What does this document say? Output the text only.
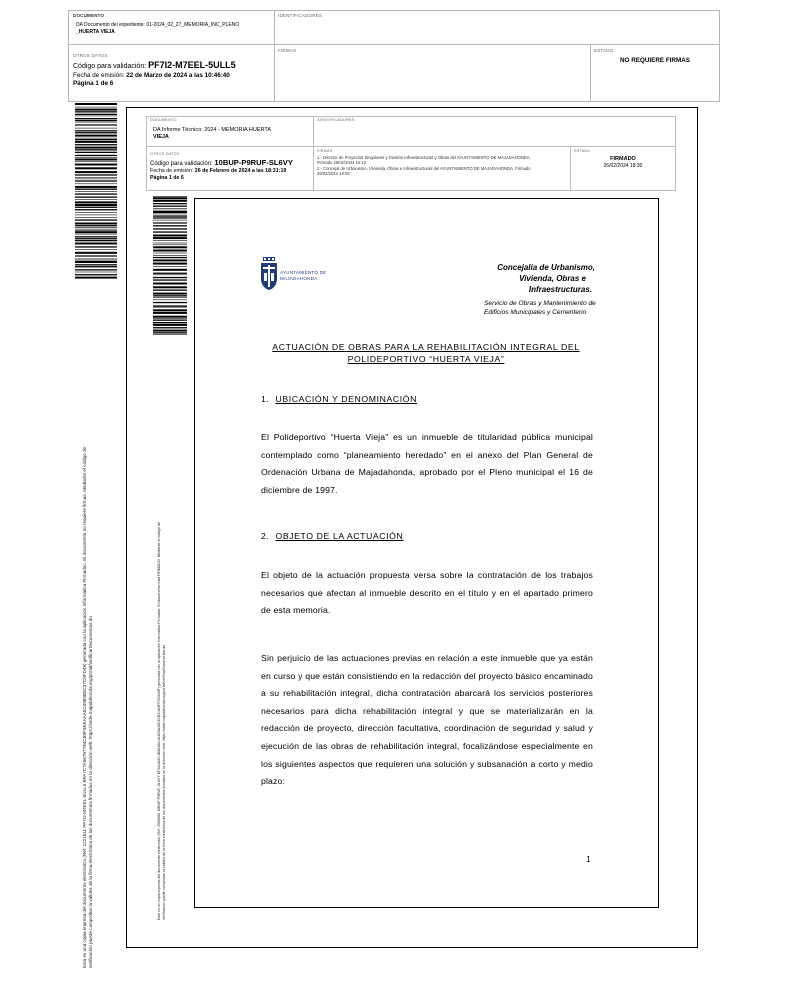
DOCUMENTO
DA Documento del expediente: 01-2024_02_27_MEMORIA_INC_PLENO
_HUERTA VIEJA
IDENTIFICADORES
OTROS DATOS
Código para validación: PF7I2-M7EEL-5ULL5
Fecha de emisión: 22 de Marzo de 2024 a las 10:46:40
Página 1 de 6
FIRMAS	ESTADO
NO REQUIERE FIRMAS
Esta es una copia impresa del documento electrónico (Ref: 2221611 PF7I2-M7EEL-5ULL5 BFA7C7A56797794CB9F3EEAAA5C0983B5C37C8FD49) generada con la aplicación informática Firmadoc. El documento no requiere firmas. Mediante el código de verificación puede comprobar la validez de la firma electrónica de los documentos firmados en la dirección web: https://sede.majadahonda.org/portal/verificarDocumentos.do
DOCUMENTO
DA Informe Técnico: 2024 - MEMORIA HUERTA
VIEJA
IDENTIFICADORES
OTROS DATOS
Código para validación: 10BUP-P9RUF-SL6VY
Fecha de emisión: 26 de Febrero de 2024 a las 18:31:19
Página 1 de 6
FIRMAS
1.- Director de Proyectos Singulares y Gestión Infraestructuras y Obras del AYUNTAMIENTO DE MAJADAHONDA.
Firmado 26/02/2024 15:12
2.- Concejal de Urbanismo, Vivienda, Obras e Infraestructuras del AYUNTAMIENTO DE MAJADAHONDA. Firmado
26/02/2024 18:03
ESTADO
FIRMADO
26/02/2024 18:30
Este es un copia impresa del documento electrónico (Ref: 2050680 10BUP-P9RUF-SL6VY EF2A4A9C4B681AC4A1E8A40DC0E14A9FF3C0A6F) generada con la aplicación informática Firmadoc. El documento está FIRMADO. Mediante el código de verificación puede comprobar la validez de la firma electrónica de los documentos firmados en la dirección web: https://sede.majadahonda.org/portal/verificarDocumentos.do
AYUNTAMIENTO DE
MAJADAHONDA
Concejalía de Urbanismo,
Vivienda, Obras e
Infraestructuras.
Servicio de Obras y Mantenimiento de
Edificios Municipales y Cementerio
ACTUACIÓN DE OBRAS PARA LA REHABILITACIÓN INTEGRAL DEL
POLIDEPORTIVO “HUERTA VIEJA”
1. UBICACIÓN Y DENOMINACIÓN
El Polideportivo “Huerta Vieja” es un inmueble de titularidad pública municipal contemplado como “planeamiento heredado” en el anexo del Plan General de Ordenación Urbana de Majadahonda, aprobado por el Pleno municipal el 16 de diciembre de 1997.
2. OBJETO DE LA ACTUACIÓN
El objeto de la actuación propuesta versa sobre la contratación de los trabajos necesarios que afectan al inmueble descrito en el título y en el apartado primero de esta memoria.
Sin perjuicio de las actuaciones previas en relación a este inmueble que ya están en curso y que están consistiendo en la redacción del proyecto básico encaminado a su rehabilitación integral, dicha contratación abarcará los servicios posteriores necesarios para dicha rehabilitación integral y que se materializarán en la redacción de proyecto, dirección facultativa, coordinación de seguridad y salud y ejecución de las obras de rehabilitación integral, focalizándose especialmente en los siguientes aspectos que requieren una solución y subsanación a corto y medio plazo:
1
